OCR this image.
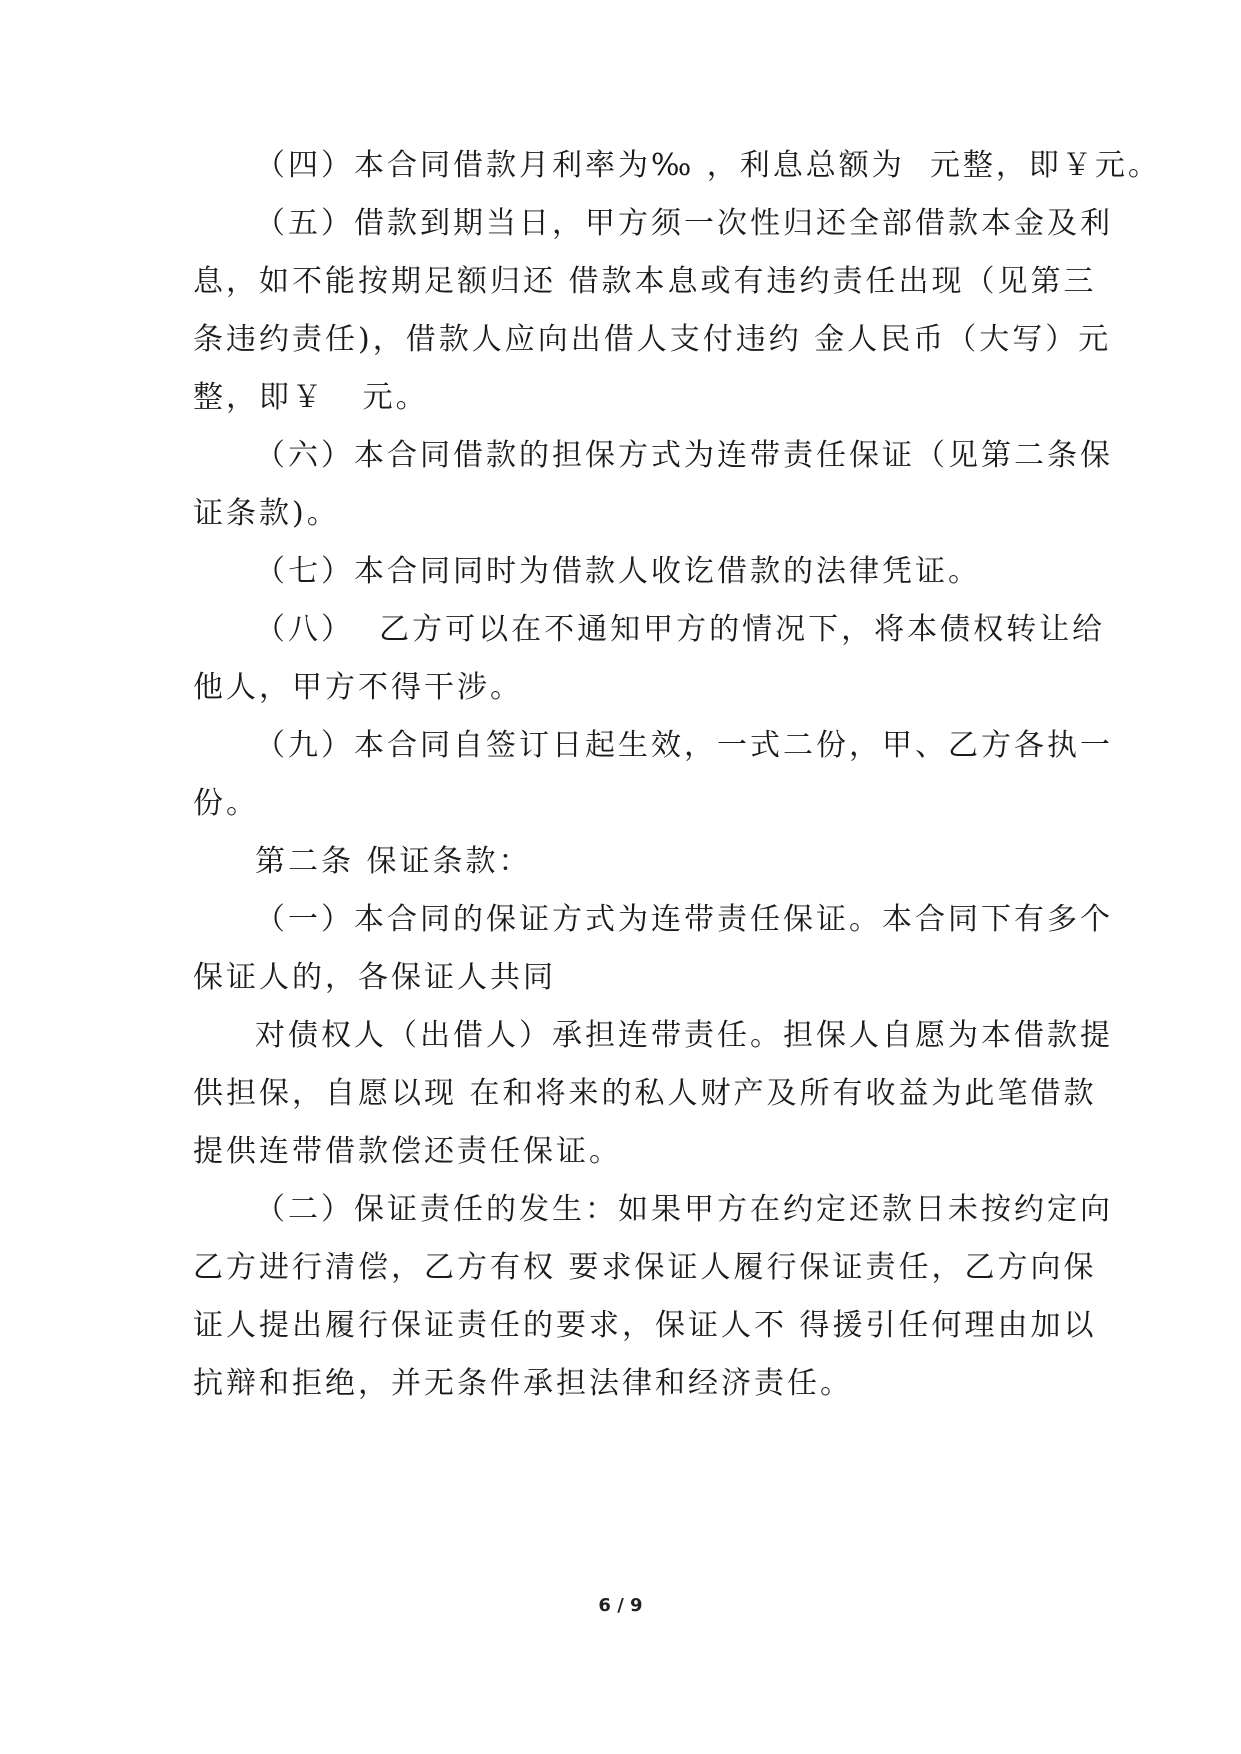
（四）本合同借款月利率为‰ ，利息总额为  元整，即￥元。
（五）借款到期当日，甲方须一次性归还全部借款本金及利
息，如不能按期足额归还 借款本息或有违约责任出现（见第三
条违约责任)，借款人应向出借人支付违约 金人民币（大写）元
整，即￥   元。
（六）本合同借款的担保方式为连带责任保证（见第二条保
证条款)。
（七）本合同同时为借款人收讫借款的法律凭证。
（八）  乙方可以在不通知甲方的情况下，将本债权转让给
他人，甲方不得干涉。
（九）本合同自签订日起生效，一式二份，甲、乙方各执一
份。
第二条 保证条款：
（一）本合同的保证方式为连带责任保证。本合同下有多个
保证人的，各保证人共同
对债权人（出借人）承担连带责任。担保人自愿为本借款提
供担保，自愿以现 在和将来的私人财产及所有收益为此笔借款
提供连带借款偿还责任保证。
（二）保证责任的发生：如果甲方在约定还款日未按约定向
乙方进行清偿，乙方有权 要求保证人履行保证责任，乙方向保
证人提出履行保证责任的要求，保证人不 得援引任何理由加以
抗辩和拒绝，并无条件承担法律和经济责任。
6 / 9
